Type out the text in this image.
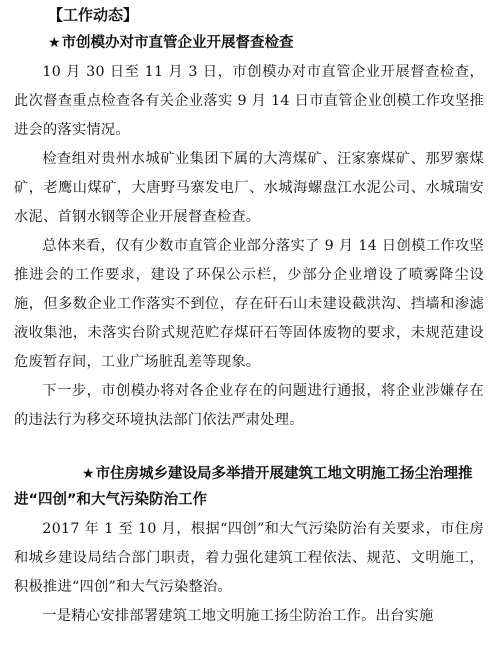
【工作动态】
★市创模办对市直管企业开展督查检查

10 月 30 日至 11 月 3 日，市创模办对市直管企业开展督查检查，此次督查重点检查各有关企业落实 9 月 14 日市直管企业创模工作攻坚推进会的落实情况。

检查组对贵州水城矿业集团下属的大湾煤矿、汪家寨煤矿、那罗寨煤矿，老鹰山煤矿，大唐野马寨发电厂、水城海螺盘江水泥公司、水城瑞安水泥、首钢水钢等企业开展督查检查。

总体来看，仅有少数市直管企业部分落实了 9 月 14 日创模工作攻坚推进会的工作要求，建设了环保公示栏，少部分企业增设了喷雾降尘设施，但多数企业工作落实不到位，存在矸石山未建设截洪沟、挡墙和渗滤液收集池，未落实台阶式规范贮存煤矸石等固体废物的要求，未规范建设危废暂存间，工业广场脏乱差等现象。

下一步，市创模办将对各企业存在的问题进行通报，将企业涉嫌存在的违法行为移交环境执法部门依法严肃处理。

★市住房城乡建设局多举措开展建筑工地文明施工扬尘治理推进“四创”和大气污染防治工作

2017 年 1 至 10 月，根据“四创”和大气污染防治有关要求，市住房和城乡建设局结合部门职责，着力强化建筑工程依法、规范、文明施工，积极推进“四创”和大气污染整治。

一是精心安排部署建筑工地文明施工扬尘防治工作。出台实施
